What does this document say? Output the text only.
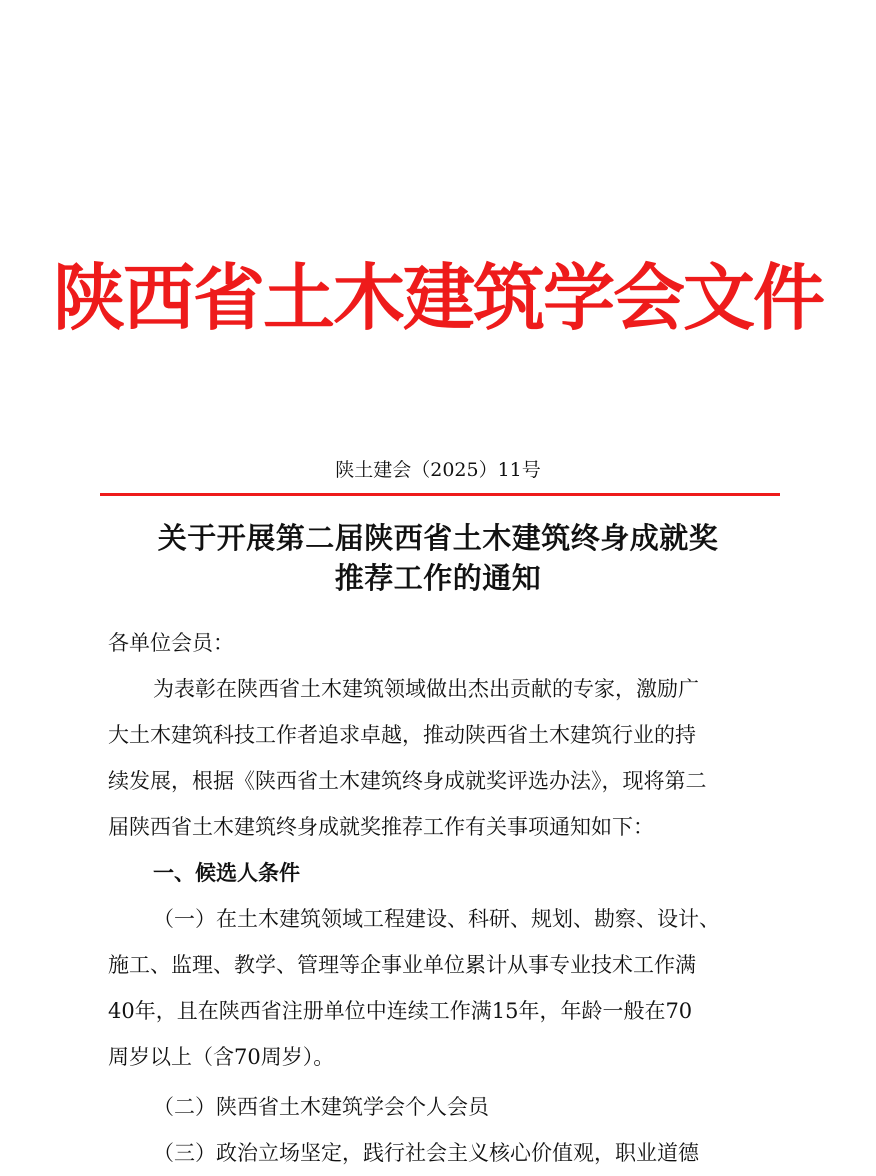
陕西省土木建筑学会文件
陕土建会（2025）11号
关于开展第二届陕西省土木建筑终身成就奖
推荐工作的通知

各单位会员：

为表彰在陕西省土木建筑领域做出杰出贡献的专家，激励广

大土木建筑科技工作者追求卓越，推动陕西省土木建筑行业的持

续发展，根据《陕西省土木建筑终身成就奖评选办法》，现将第二

届陕西省土木建筑终身成就奖推荐工作有关事项通知如下：

一、候选人条件

（一）在土木建筑领域工程建设、科研、规划、勘察、设计、

施工、监理、教学、管理等企事业单位累计从事专业技术工作满

40年，且在陕西省注册单位中连续工作满15年，年龄一般在70

周岁以上（含70周岁）。

（二）陕西省土木建筑学会个人会员

（三）政治立场坚定，践行社会主义核心价值观，职业道德
